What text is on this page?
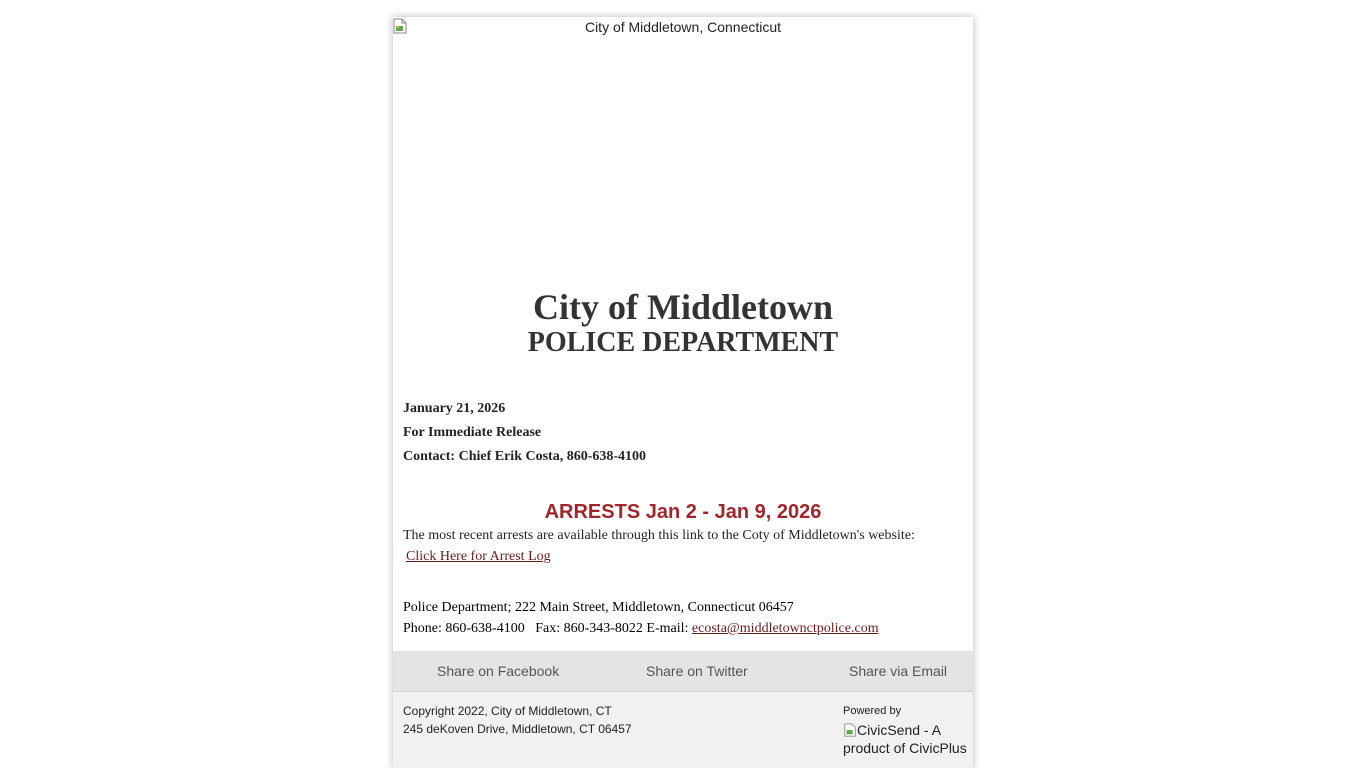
City of Middletown, Connecticut
City of Middletown
POLICE DEPARTMENT
January 21, 2026
For Immediate Release
Contact: Chief Erik Costa, 860-638-4100
ARRESTS Jan 2 - Jan 9, 2026
The most recent arrests are available through this link to the Coty of Middletown's website:
Click Here for Arrest Log
Police Department; 222 Main Street, Middletown, Connecticut 06457
Phone: 860-638-4100   Fax: 860-343-8022 E-mail: ecosta@middletownctpolice.com
Share on Facebook	Share on Twitter	Share via Email
Copyright 2022, City of Middletown, CT
245 deKoven Drive, Middletown, CT 06457
Powered by
CivicSend - A product of CivicPlus
